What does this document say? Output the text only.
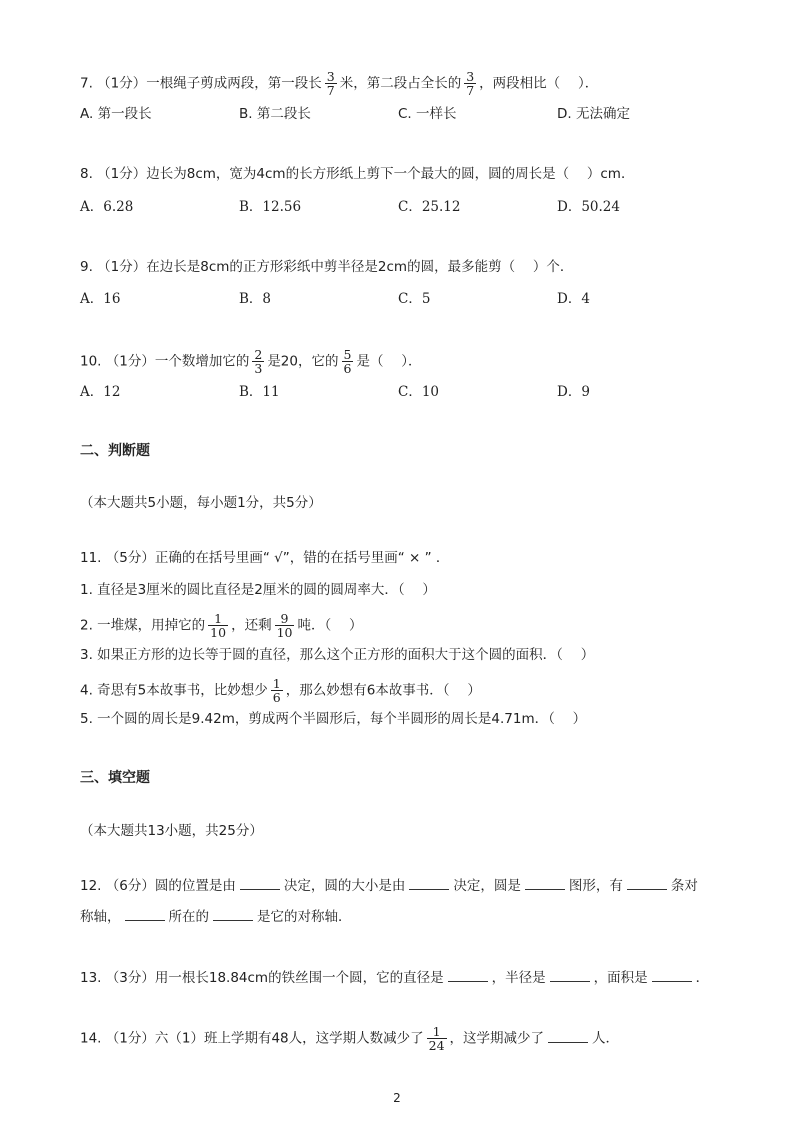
7. （1分）一根绳子剪成两段，第一段长 $\frac{3}{7}$ 米，第二段占全长的 $\frac{3}{7}$ ，两段相比（　 ）．
A. 第一段长	B. 第二段长	C. 一样长	D. 无法确定
8. （1分）边长为8cm，宽为4cm的长方形纸上剪下一个最大的圆，圆的周长是（　 ）cm．
A．6.28	B．12.56	C．25.12	D．50.24
9. （1分）在边长是8cm的正方形彩纸中剪半径是2cm的圆，最多能剪（　 ）个．
A．16	B．8	C．5	D．4
10. （1分）一个数增加它的 $\frac{2}{3}$ 是20，它的 $\frac{5}{6}$ 是（　 ）．
A．12	B．11	C．10	D．9
二、判断题
（本大题共5小题，每小题1分，共5分）
11. （5分）正确的在括号里画“ √”，错的在括号里画“ × ” ．
1. 直径是3厘米的圆比直径是2厘米的圆的圆周率大．（　 ）
2. 一堆煤，用掉它的 $\frac{1}{10}$ ，还剩 $\frac{9}{10}$ 吨．（　 ）
3. 如果正方形的边长等于圆的直径，那么这个正方形的面积大于这个圆的面积．（　 ）
4. 奇思有5本故事书，比妙想少 $\frac{1}{6}$ ，那么妙想有6本故事书．（　 ）
5. 一个圆的周长是9.42m，剪成两个半圆形后，每个半圆形的周长是4.71m．（　 ）
三、填空题
（本大题共13小题，共25分）
12. （6分）圆的位置是由	决定，圆的大小是由	决定，圆是	图形，有	条对
称轴，	所在的	是它的对称轴．
13. （3分）用一根长18.84cm的铁丝围一个圆，它的直径是	，半径是	，面积是	．
14. （1分）六（1）班上学期有48人，这学期人数减少了 $\frac{1}{24}$ ，这学期减少了	人．
2
